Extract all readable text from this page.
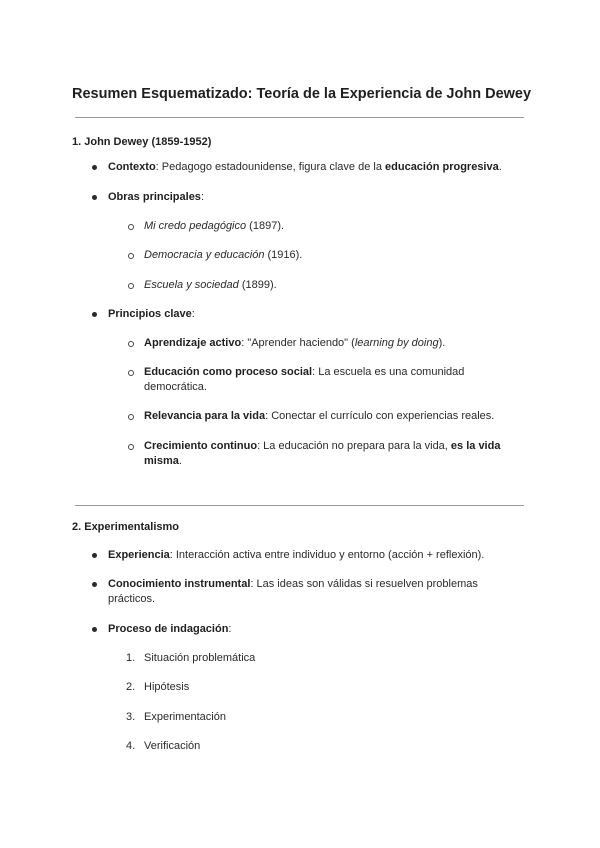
Resumen Esquematizado: Teoría de la Experiencia de John Dewey
1. John Dewey (1859-1952)
Contexto: Pedagogo estadounidense, figura clave de la educación progresiva.
Obras principales:
Mi credo pedagógico (1897).
Democracia y educación (1916).
Escuela y sociedad (1899).
Principios clave:
Aprendizaje activo: "Aprender haciendo" (learning by doing).
Educación como proceso social: La escuela es una comunidad democrática.
Relevancia para la vida: Conectar el currículo con experiencias reales.
Crecimiento continuo: La educación no prepara para la vida, es la vida misma.
2. Experimentalismo
Experiencia: Interacción activa entre individuo y entorno (acción + reflexión).
Conocimiento instrumental: Las ideas son válidas si resuelven problemas prácticos.
Proceso de indagación:
1. Situación problemática
2. Hipótesis
3. Experimentación
4. Verificación
